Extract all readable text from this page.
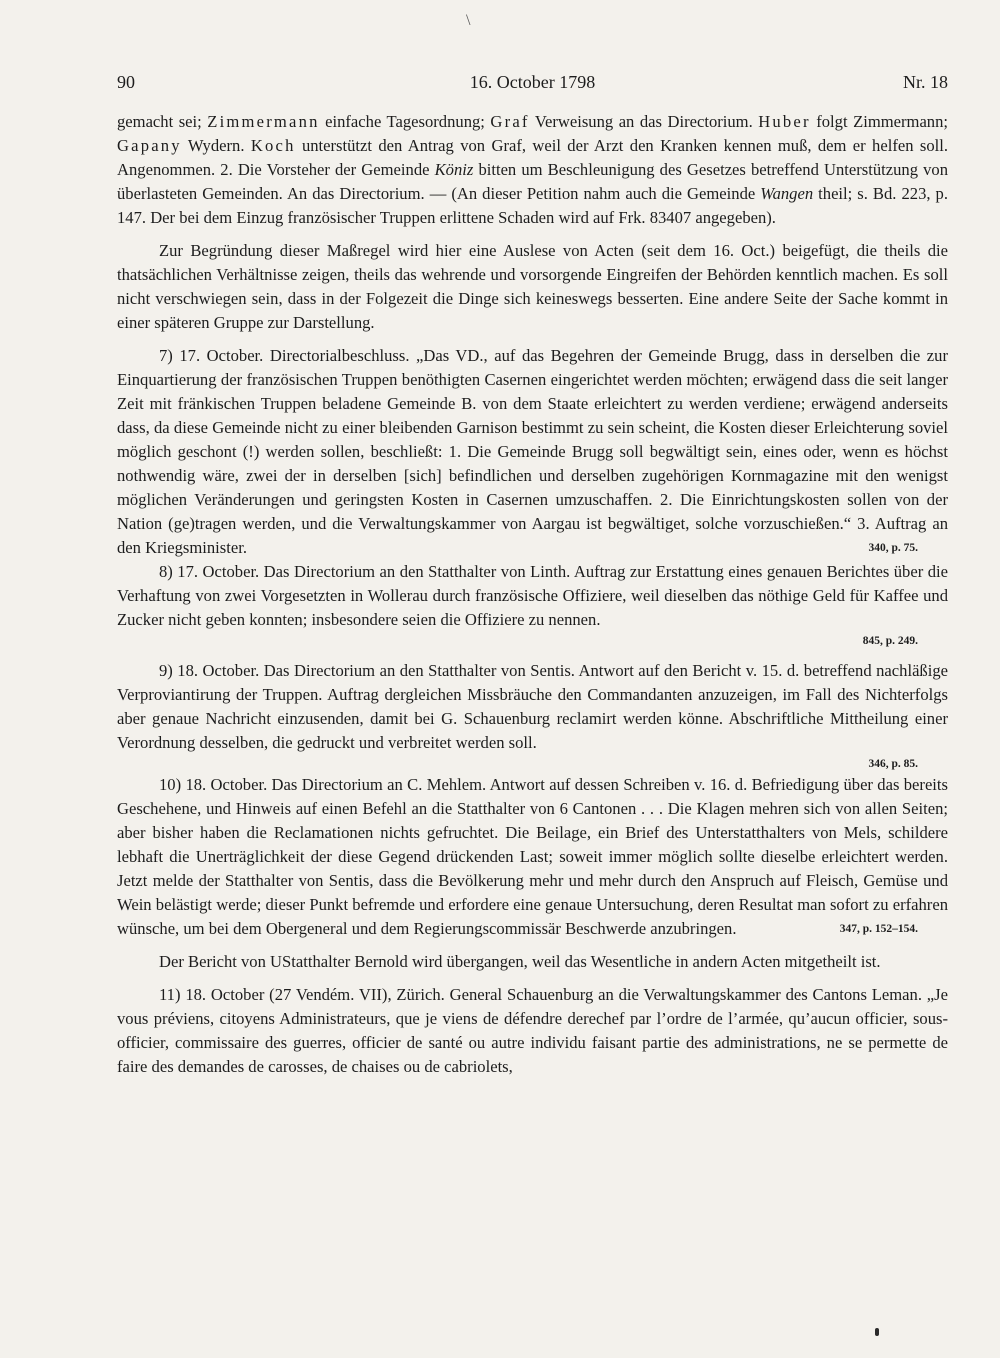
\
90	16. October 1798	Nr. 18

gemacht sei; Zimmermann einfache Tagesordnung; Graf Verweisung an das Directorium. Huber folgt Zimmermann; Gapany Wydern. Koch unterstützt den Antrag von Graf, weil der Arzt den Kranken kennen muß, dem er helfen soll. Angenommen. 2. Die Vorsteher der Gemeinde Köniz bitten um Beschleunigung des Gesetzes betreffend Unterstützung von überlasteten Gemeinden. An das Directorium. — (An dieser Petition nahm auch die Gemeinde Wangen theil; s. Bd. 223, p. 147. Der bei dem Einzug französischer Truppen erlittene Schaden wird auf Frk. 83407 angegeben).

Zur Begründung dieser Maßregel wird hier eine Auslese von Acten (seit dem 16. Oct.) beigefügt, die theils die thatsächlichen Verhältnisse zeigen, theils das wehrende und vorsorgende Eingreifen der Behörden kenntlich machen. Es soll nicht verschwiegen sein, dass in der Folgezeit die Dinge sich keineswegs besserten. Eine andere Seite der Sache kommt in einer späteren Gruppe zur Darstellung.

7) 17. October. Directorialbeschluss. „Das VD., auf das Begehren der Gemeinde Brugg, dass in derselben die zur Einquartierung der französischen Truppen benöthigten Casernen eingerichtet werden möchten; erwägend dass die seit langer Zeit mit fränkischen Truppen beladene Gemeinde B. von dem Staate erleichtert zu werden verdiene; erwägend anderseits dass, da diese Gemeinde nicht zu einer bleibenden Garnison bestimmt zu sein scheint, die Kosten dieser Erleichterung soviel möglich geschont (!) werden sollen, beschließt: 1. Die Gemeinde Brugg soll begwältigt sein, eines oder, wenn es höchst nothwendig wäre, zwei der in derselben [sich] befindlichen und derselben zugehörigen Kornmagazine mit den wenigst möglichen Veränderungen und geringsten Kosten in Casernen umzuschaffen. 2. Die Einrichtungskosten sollen von der Nation (ge)tragen werden, und die Verwaltungskammer von Aargau ist begwältiget, solche vorzuschießen.“ 3. Auftrag an den Kriegsminister.	340, p. 75.

8) 17. October. Das Directorium an den Statthalter von Linth. Auftrag zur Erstattung eines genauen Berichtes über die Verhaftung von zwei Vorgesetzten in Wollerau durch französische Offiziere, weil dieselben das nöthige Geld für Kaffee und Zucker nicht geben konnten; insbesondere seien die Offiziere zu nennen.

845, p. 249.

9) 18. October. Das Directorium an den Statthalter von Sentis. Antwort auf den Bericht v. 15. d. betreffend nachläßige Verproviantirung der Truppen. Auftrag dergleichen Missbräuche den Commandanten anzuzeigen, im Fall des Nichterfolgs aber genaue Nachricht einzusenden, damit bei G. Schauenburg reclamirt werden könne. Abschriftliche Mittheilung einer Verordnung desselben, die gedruckt und verbreitet werden soll.

346, p. 85.

10) 18. October. Das Directorium an C. Mehlem. Antwort auf dessen Schreiben v. 16. d. Befriedigung über das bereits Geschehene, und Hinweis auf einen Befehl an die Statthalter von 6 Cantonen . . . Die Klagen mehren sich von allen Seiten; aber bisher haben die Reclamationen nichts gefruchtet. Die Beilage, ein Brief des Unterstatthalters von Mels, schildere lebhaft die Unerträglichkeit der diese Gegend drückenden Last; soweit immer möglich sollte dieselbe erleichtert werden. Jetzt melde der Statthalter von Sentis, dass die Bevölkerung mehr und mehr durch den Anspruch auf Fleisch, Gemüse und Wein belästigt werde; dieser Punkt befremde und erfordere eine genaue Untersuchung, deren Resultat man sofort zu erfahren wünsche, um bei dem Obergeneral und dem Regierungscommissär Beschwerde anzubringen.	347, p. 152–154.

Der Bericht von UStatthalter Bernold wird übergangen, weil das Wesentliche in andern Acten mitgetheilt ist.

11) 18. October (27 Vendém. VII), Zürich. General Schauenburg an die Verwaltungskammer des Cantons Leman. „Je vous préviens, citoyens Administrateurs, que je viens de défendre derechef par l’ordre de l’armée, qu’aucun officier, sous-officier, commissaire des guerres, officier de santé ou autre individu faisant partie des administrations, ne se permette de faire des demandes de carosses, de chaises ou de cabriolets,
